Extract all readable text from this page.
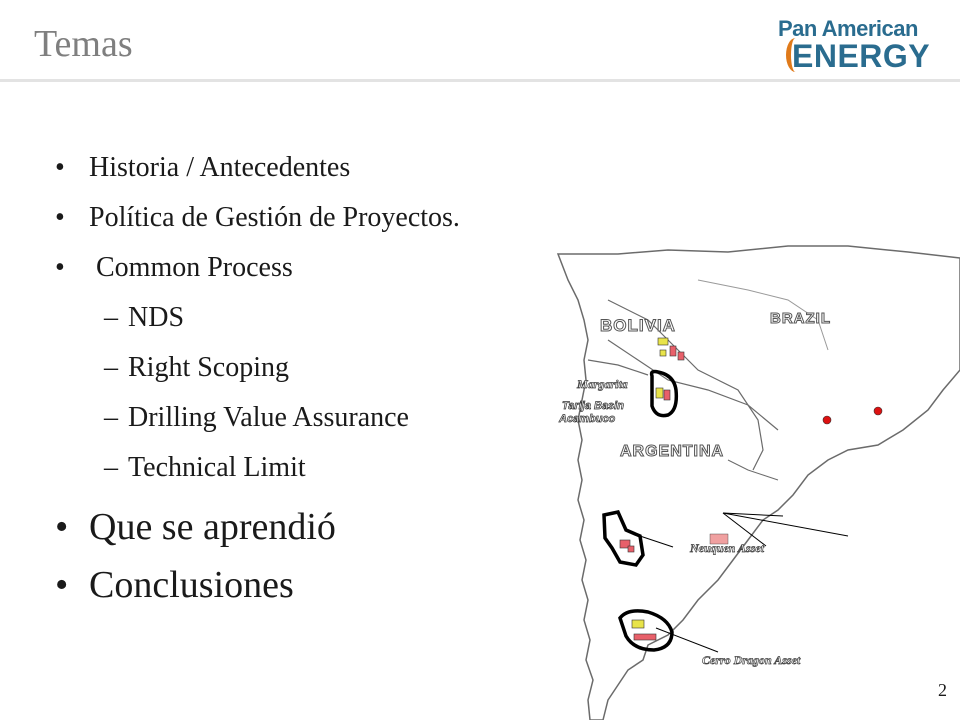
Temas	Pan American
ENERGY
• Historia / Antecedentes
• Política de Gestión de Proyectos.
• Common Process
– NDS
– Right Scoping
– Drilling Value Assurance
– Technical Limit
• Que se aprendió
• Conclusiones
BOLIVIA	BRAZIL
ARGENTINA
Margarita
Tarija Basin
Acambuco
Neuquen Asset
Cerro Dragon Asset
2
